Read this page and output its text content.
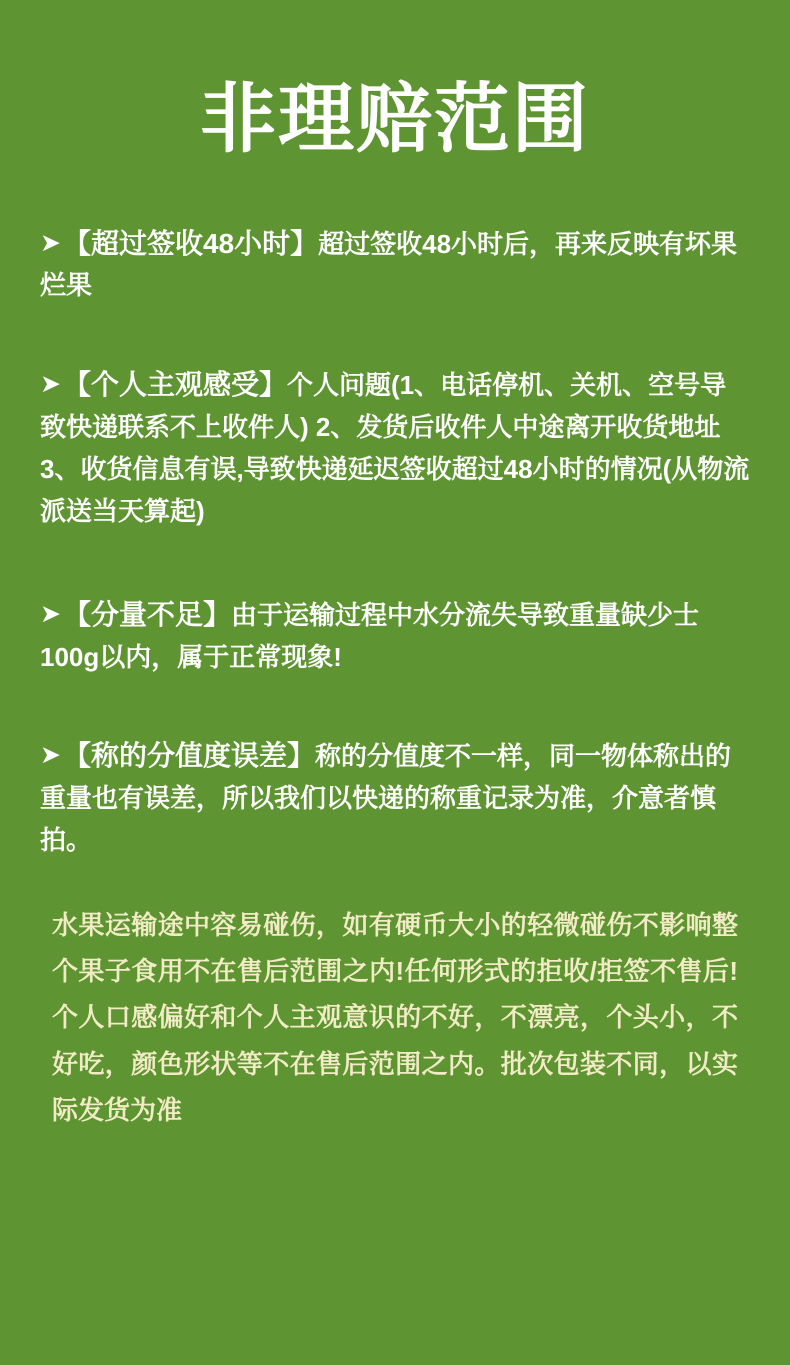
非理赔范围
➤【超过签收48小时】超过签收48小时后，再来反映有坏果烂果
➤【个人主观感受】个人问题(1、电话停机、关机、空号导致快递联系不上收件人) 2、发货后收件人中途离开收货地址 3、收货信息有误,导致快递延迟签收超过48小时的情况(从物流派送当天算起)
➤【分量不足】由于运输过程中水分流失导致重量缺少士100g以内，属于正常现象!
➤【称的分值度误差】称的分值度不一样，同一物体称出的重量也有误差，所以我们以快递的称重记录为准，介意者慎拍。
水果运输途中容易碰伤，如有硬币大小的轻微碰伤不影响整个果子食用不在售后范围之内!任何形式的拒收/拒签不售后!个人口感偏好和个人主观意识的不好，不漂亮，个头小，不好吃，颜色形状等不在售后范围之内。批次包装不同，以实际发货为准
